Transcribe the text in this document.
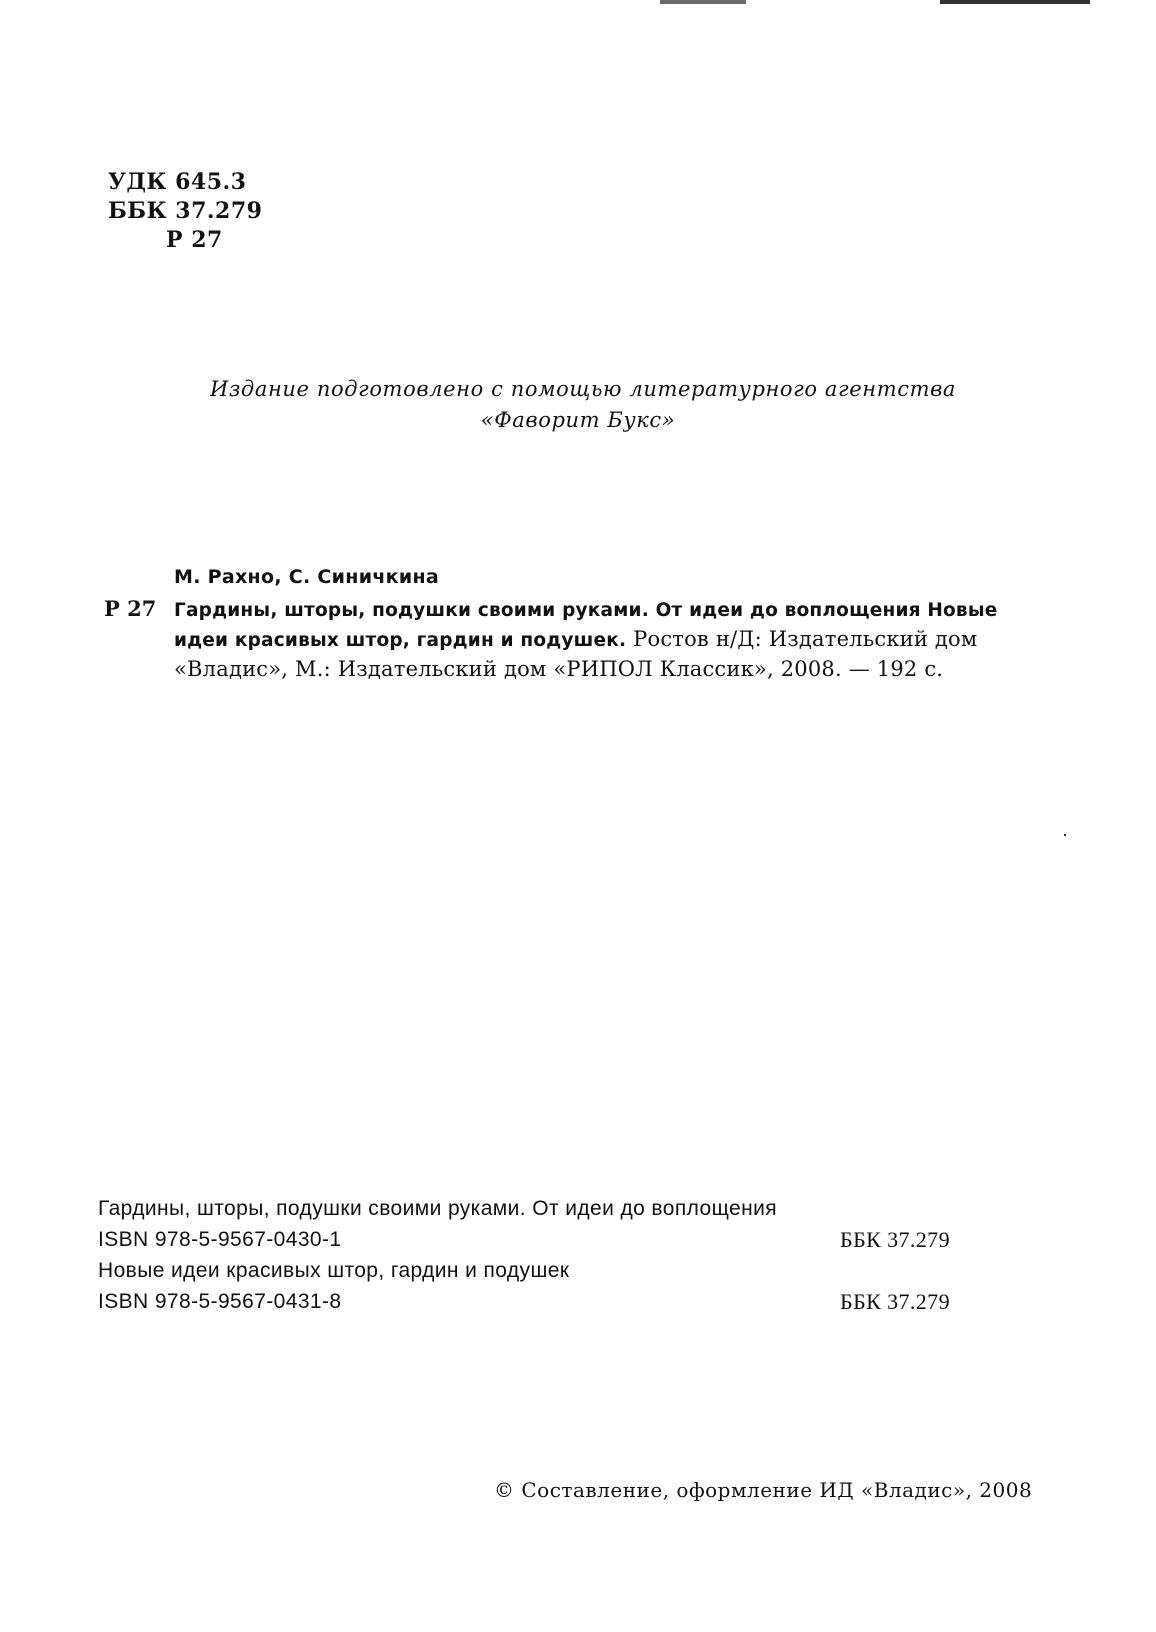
УДК 645.3
ББК 37.279
Р 27
Издание подготовлено с помощью литературного агентства
«Фаворит Букс»
М. Рахно, С. Синичкина
Р 27 Гардины, шторы, подушки своими руками. От идеи до воплощения Новые идеи красивых штор, гардин и подушек. Ростов н/Д: Издательский дом «Владис», М.: Издательский дом «РИПОЛ Классик», 2008. — 192 с.
Гардины, шторы, подушки своими руками. От идеи до воплощения
ISBN 978-5-9567-0430-1	ББК 37.279
Новые идеи красивых штор, гардин и подушек
ISBN 978-5-9567-0431-8	ББК 37.279
© Составление, оформление ИД «Владис», 2008
